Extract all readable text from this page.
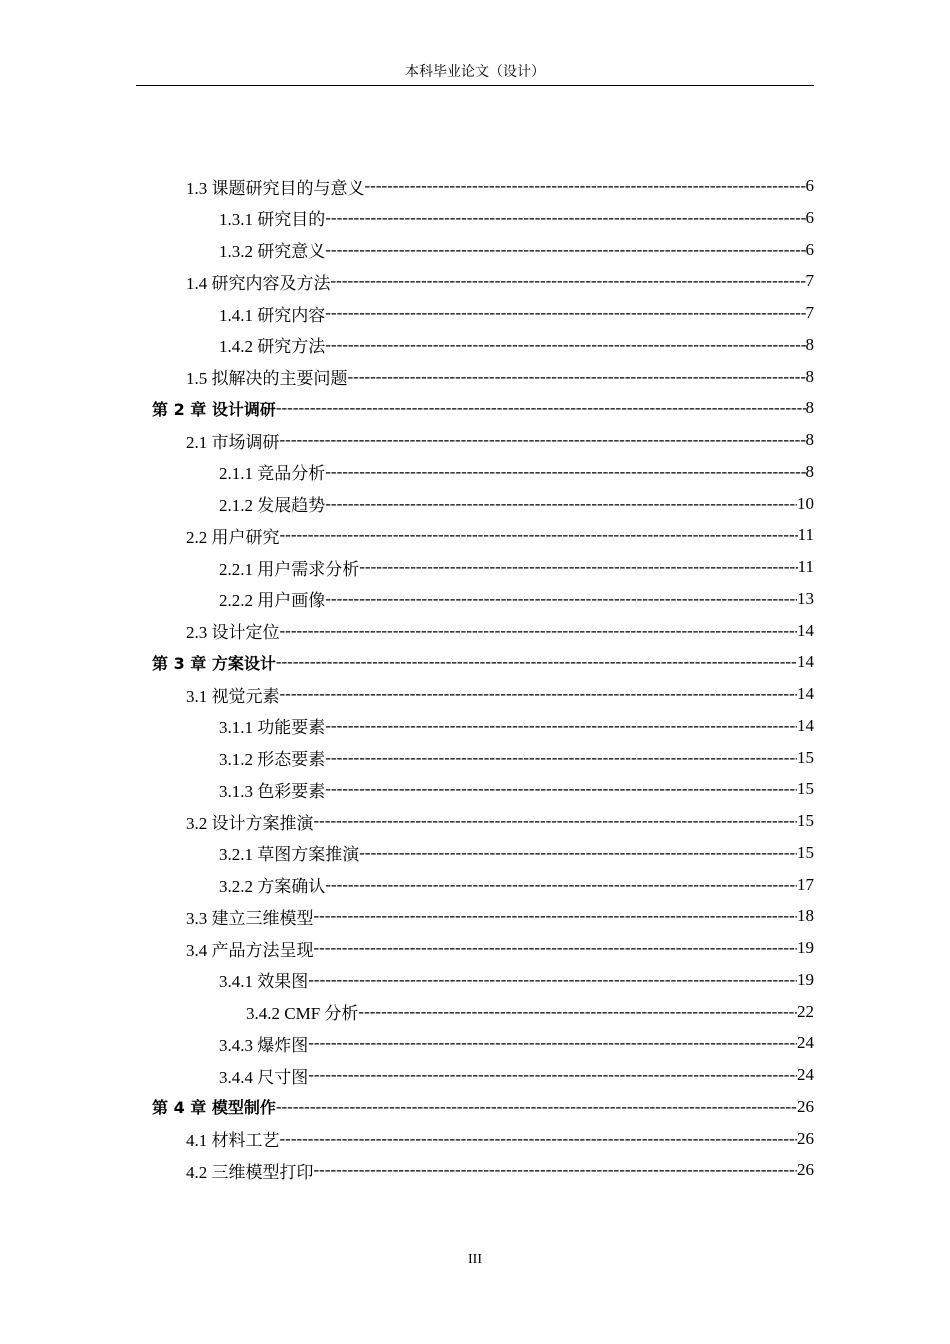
本科毕业论文（设计）
1.3 课题研究目的与意义 -----	6
1.3.1 研究目的 -----	6
1.3.2 研究意义 -----	6
1.4 研究内容及方法 -----	7
1.4.1 研究内容 -----	7
1.4.2 研究方法 -----	8
1.5 拟解决的主要问题 -----	8
第 2 章 设计调研 -----	8
2.1 市场调研 -----	8
2.1.1 竞品分析 -----	8
2.1.2 发展趋势 -----	10
2.2 用户研究 -----	11
2.2.1 用户需求分析 -----	11
2.2.2 用户画像 -----	13
2.3 设计定位 -----	14
第 3 章 方案设计 -----	14
3.1 视觉元素 -----	14
3.1.1 功能要素 -----	14
3.1.2 形态要素 -----	15
3.1.3 色彩要素 -----	15
3.2 设计方案推演 -----	15
3.2.1 草图方案推演 -----	15
3.2.2 方案确认 -----	17
3.3 建立三维模型 -----	18
3.4 产品方法呈现 -----	19
3.4.1 效果图 -----	19
3.4.2 CMF 分析 -----	22
3.4.3 爆炸图 -----	24
3.4.4 尺寸图 -----	24
第 4 章 模型制作 -----	26
4.1 材料工艺 -----	26
4.2 三维模型打印 -----	26
III
